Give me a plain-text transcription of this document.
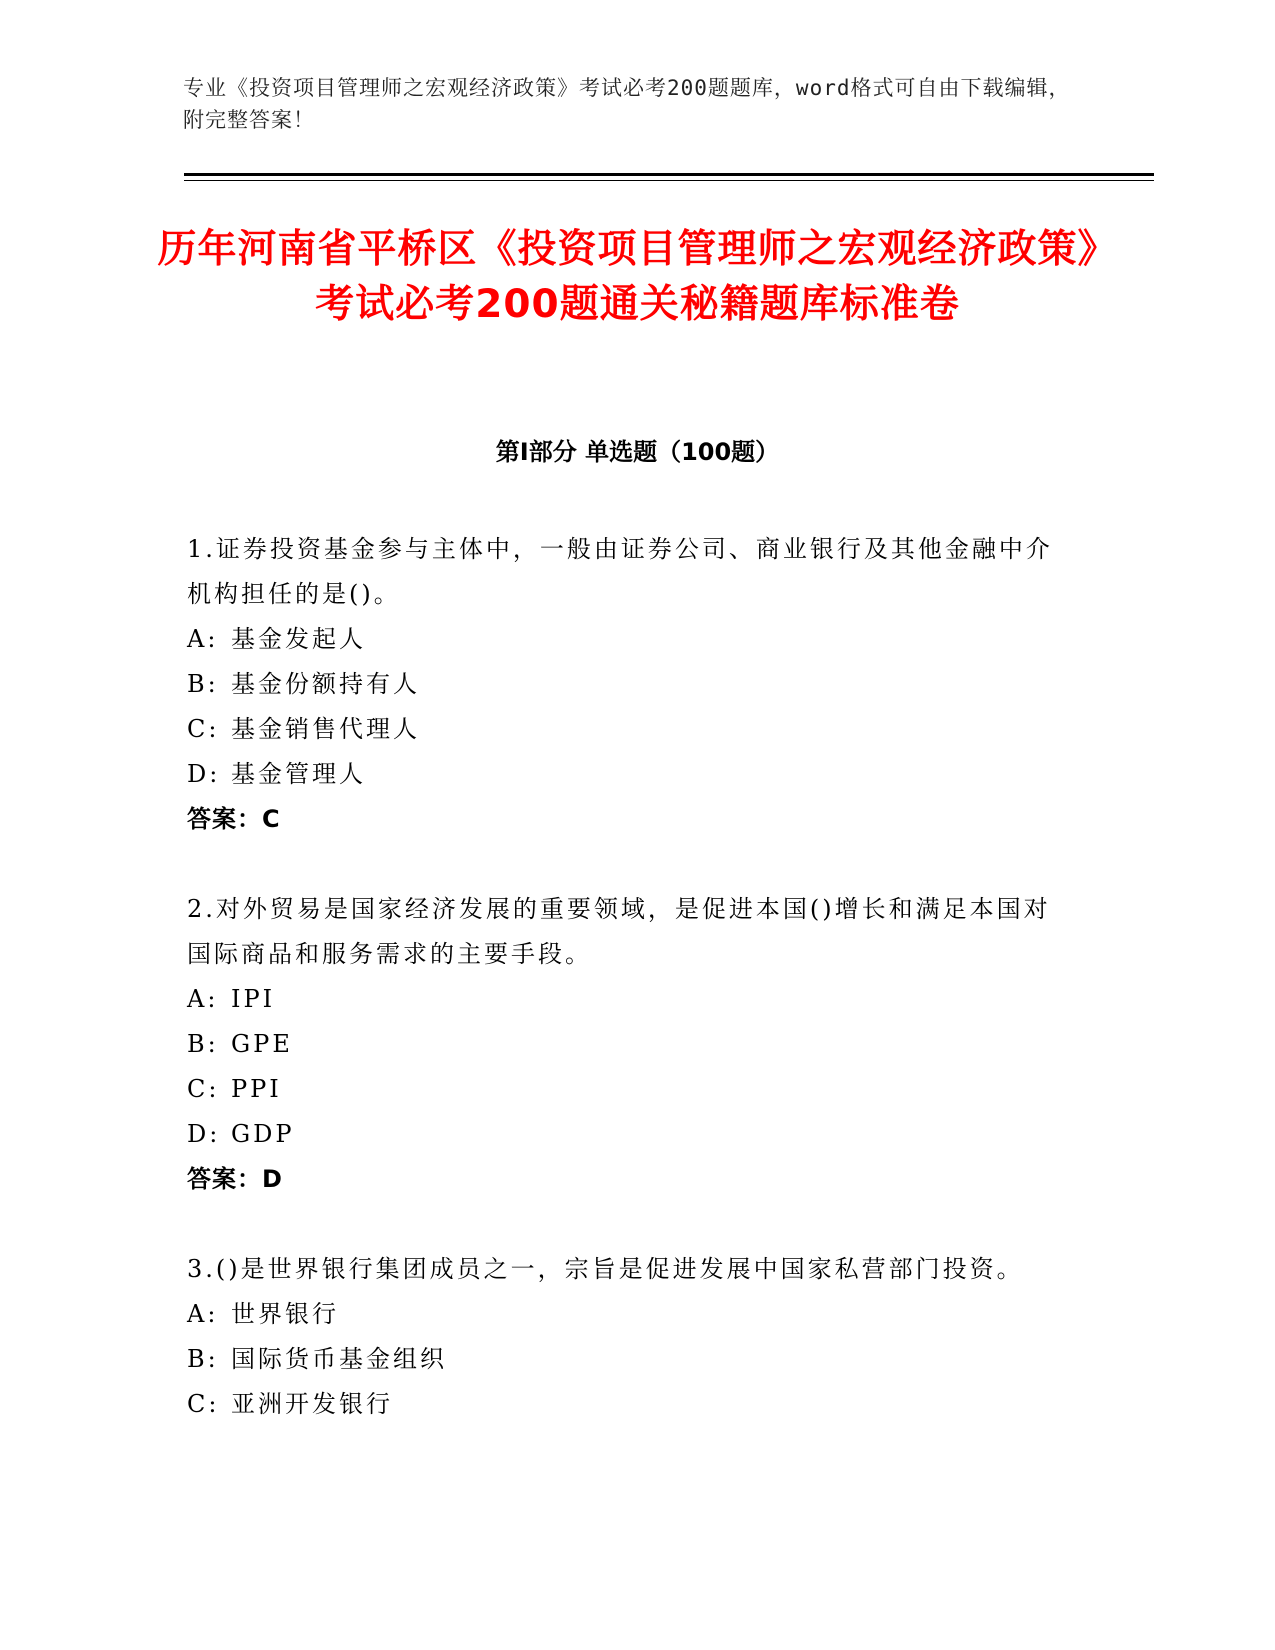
专业《投资项目管理师之宏观经济政策》考试必考200题题库，word格式可自由下载编辑，附完整答案！
历年河南省平桥区《投资项目管理师之宏观经济政策》考试必考200题通关秘籍题库标准卷
第I部分 单选题（100题）
1.证券投资基金参与主体中，一般由证券公司、商业银行及其他金融中介机构担任的是()。
A: 基金发起人
B: 基金份额持有人
C: 基金销售代理人
D: 基金管理人
答案：C
2.对外贸易是国家经济发展的重要领域，是促进本国()增长和满足本国对国际商品和服务需求的主要手段。
A: IPI
B: GPE
C: PPI
D: GDP
答案：D
3.()是世界银行集团成员之一，宗旨是促进发展中国家私营部门投资。
A: 世界银行
B: 国际货币基金组织
C: 亚洲开发银行
